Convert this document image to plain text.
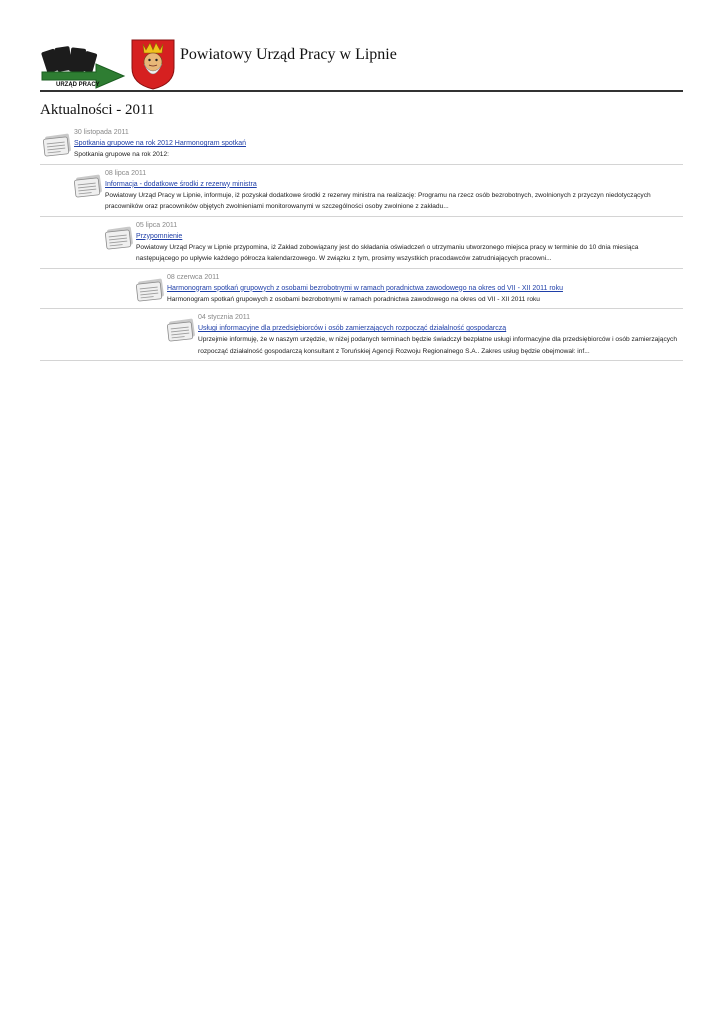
URZĄD PRACY
Powiatowy Urząd Pracy w Lipnie
Aktualności - 2011
30 listopada 2011
Spotkania grupowe na rok 2012 Harmonogram spotkań
Spotkania grupowe na rok 2012:
08 lipca 2011
Informacja - dodatkowe środki z rezerwy ministra
Powiatowy Urząd Pracy w Lipnie, informuje, iż pozyskał dodatkowe środki z rezerwy ministra na realizację: Programu na rzecz osób bezrobotnych, zwolnionych z przyczyn niedotyczących pracowników oraz pracowników objętych zwolnieniami monitorowanymi w szczególności osoby zwolnione z zakładu...
05 lipca 2011
Przypomnienie
Powiatowy Urząd Pracy w Lipnie przypomina, iż Zakład zobowiązany jest do składania oświadczeń o utrzymaniu utworzonego miejsca pracy w terminie do 10 dnia miesiąca następującego po upływie każdego półrocza kalendarzowego. W związku z tym, prosimy wszystkich pracodawców zatrudniających pracowni...
08 czerwca 2011
Harmonogram spotkań grupowych z osobami bezrobotnymi w ramach poradnictwa zawodowego na okres od VII - XII 2011 roku
Harmonogram spotkań grupowych z osobami bezrobotnymi w ramach poradnictwa zawodowego na okres od VII - XII 2011 roku
04 stycznia 2011
Usługi informacyjne dla przedsiębiorców i osób zamierzających rozpocząć działalność gospodarczą
Uprzejmie informuję, że w naszym urzędzie, w niżej podanych terminach będzie świadczył bezpłatne usługi informacyjne dla przedsiębiorców i osób zamierzających rozpocząć działalność gospodarczą konsultant z Toruńskiej Agencji Rozwoju Regionalnego S.A.. Zakres usług będzie obejmował: inf...
